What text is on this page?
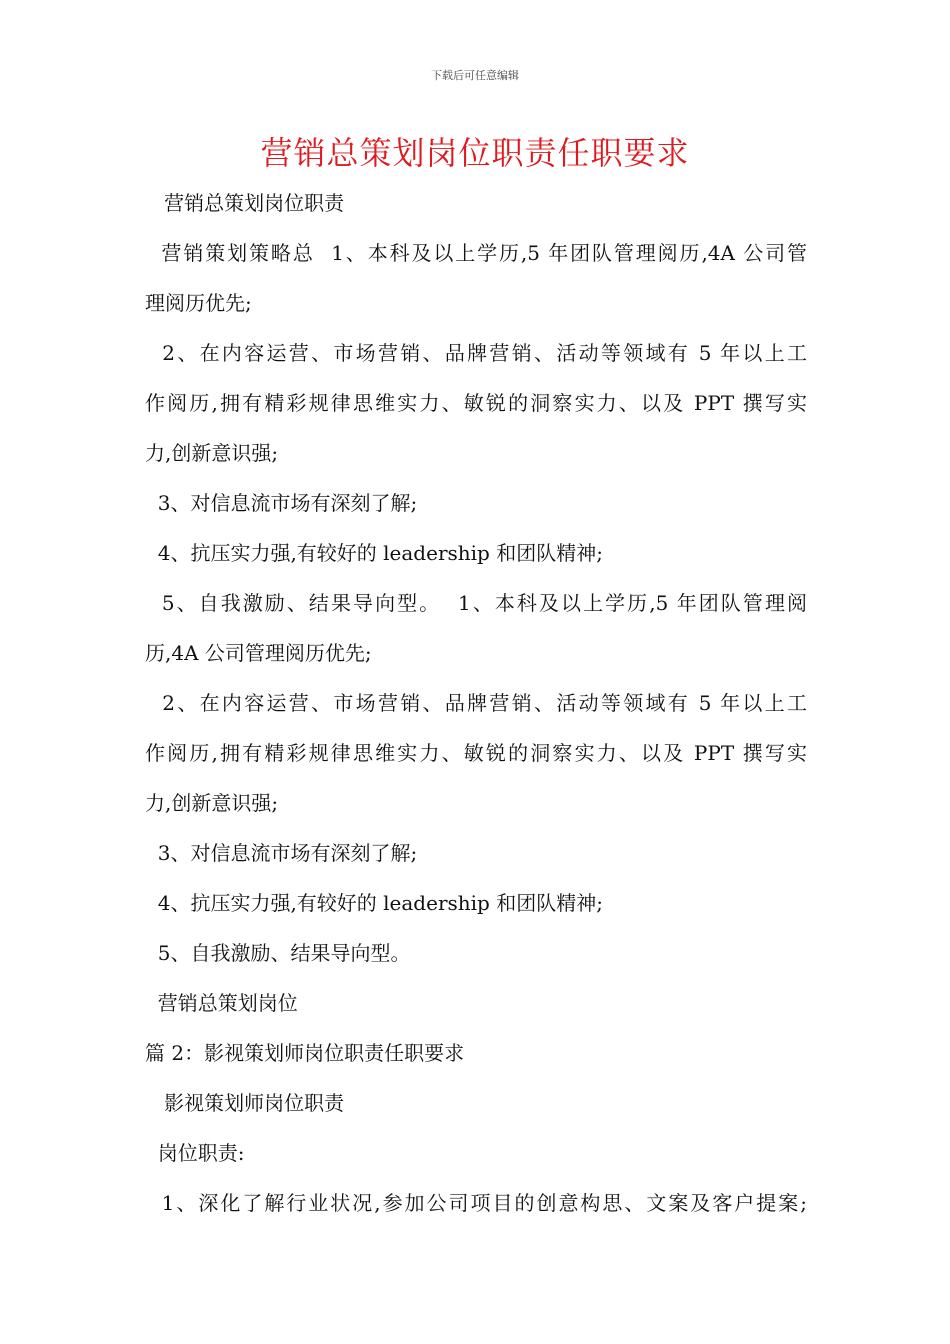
下载后可任意编辑
营销总策划岗位职责任职要求
营销总策划岗位职责
营销策划策略总  1、本科及以上学历,5 年团队管理阅历,4A 公司管
理阅历优先;
2、在内容运营、市场营销、品牌营销、活动等领域有 5 年以上工
作阅历,拥有精彩规律思维实力、敏锐的洞察实力、以及 PPT 撰写实
力,创新意识强;
3、对信息流市场有深刻了解;
4、抗压实力强,有较好的 leadership 和团队精神;
5、自我激励、结果导向型。  1、本科及以上学历,5 年团队管理阅
历,4A 公司管理阅历优先;
2、在内容运营、市场营销、品牌营销、活动等领域有 5 年以上工
作阅历,拥有精彩规律思维实力、敏锐的洞察实力、以及 PPT 撰写实
力,创新意识强;
3、对信息流市场有深刻了解;
4、抗压实力强,有较好的 leadership 和团队精神;
5、自我激励、结果导向型。
营销总策划岗位
篇 2：影视策划师岗位职责任职要求
影视策划师岗位职责
岗位职责:
1、深化了解行业状况,参加公司项目的创意构思、文案及客户提案;
